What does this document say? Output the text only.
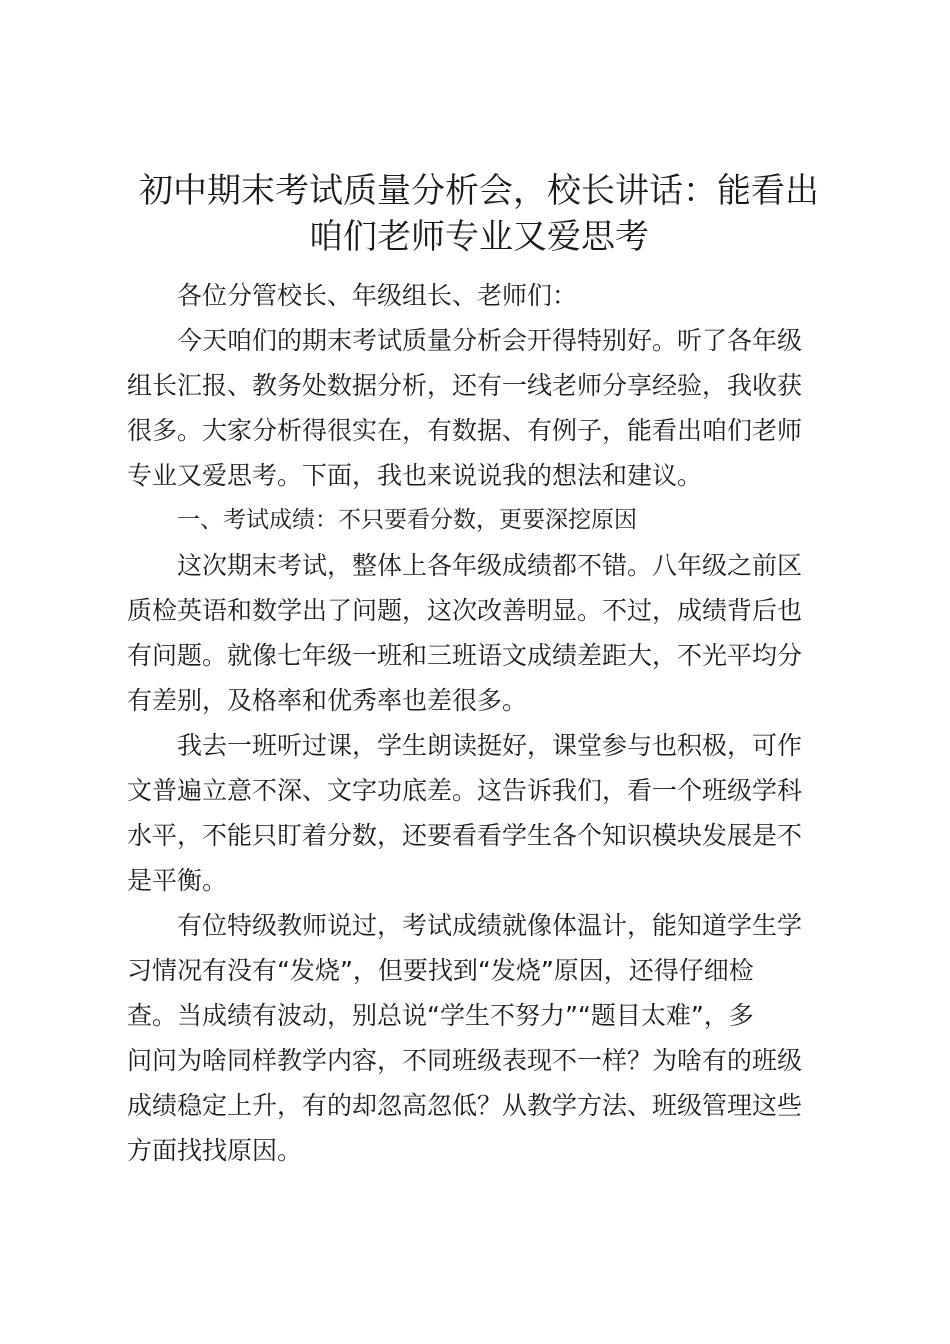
初中期末考试质量分析会，校长讲话：能看出
咱们老师专业又爱思考

各位分管校长、年级组长、老师们：

今天咱们的期末考试质量分析会开得特别好。听了各年级
组长汇报、教务处数据分析，还有一线老师分享经验，我收获
很多。大家分析得很实在，有数据、有例子，能看出咱们老师
专业又爱思考。下面，我也来说说我的想法和建议。

一、考试成绩：不只要看分数，更要深挖原因

这次期末考试，整体上各年级成绩都不错。八年级之前区
质检英语和数学出了问题，这次改善明显。不过，成绩背后也
有问题。就像七年级一班和三班语文成绩差距大，不光平均分
有差别，及格率和优秀率也差很多。

我去一班听过课，学生朗读挺好，课堂参与也积极，可作
文普遍立意不深、文字功底差。这告诉我们，看一个班级学科
水平，不能只盯着分数，还要看看学生各个知识模块发展是不
是平衡。

有位特级教师说过，考试成绩就像体温计，能知道学生学
习情况有没有“发烧”，但要找到“发烧”原因，还得仔细检
查。当成绩有波动，别总说“学生不努力”“题目太难”，多
问问为啥同样教学内容，不同班级表现不一样？为啥有的班级
成绩稳定上升，有的却忽高忽低？从教学方法、班级管理这些
方面找找原因。
